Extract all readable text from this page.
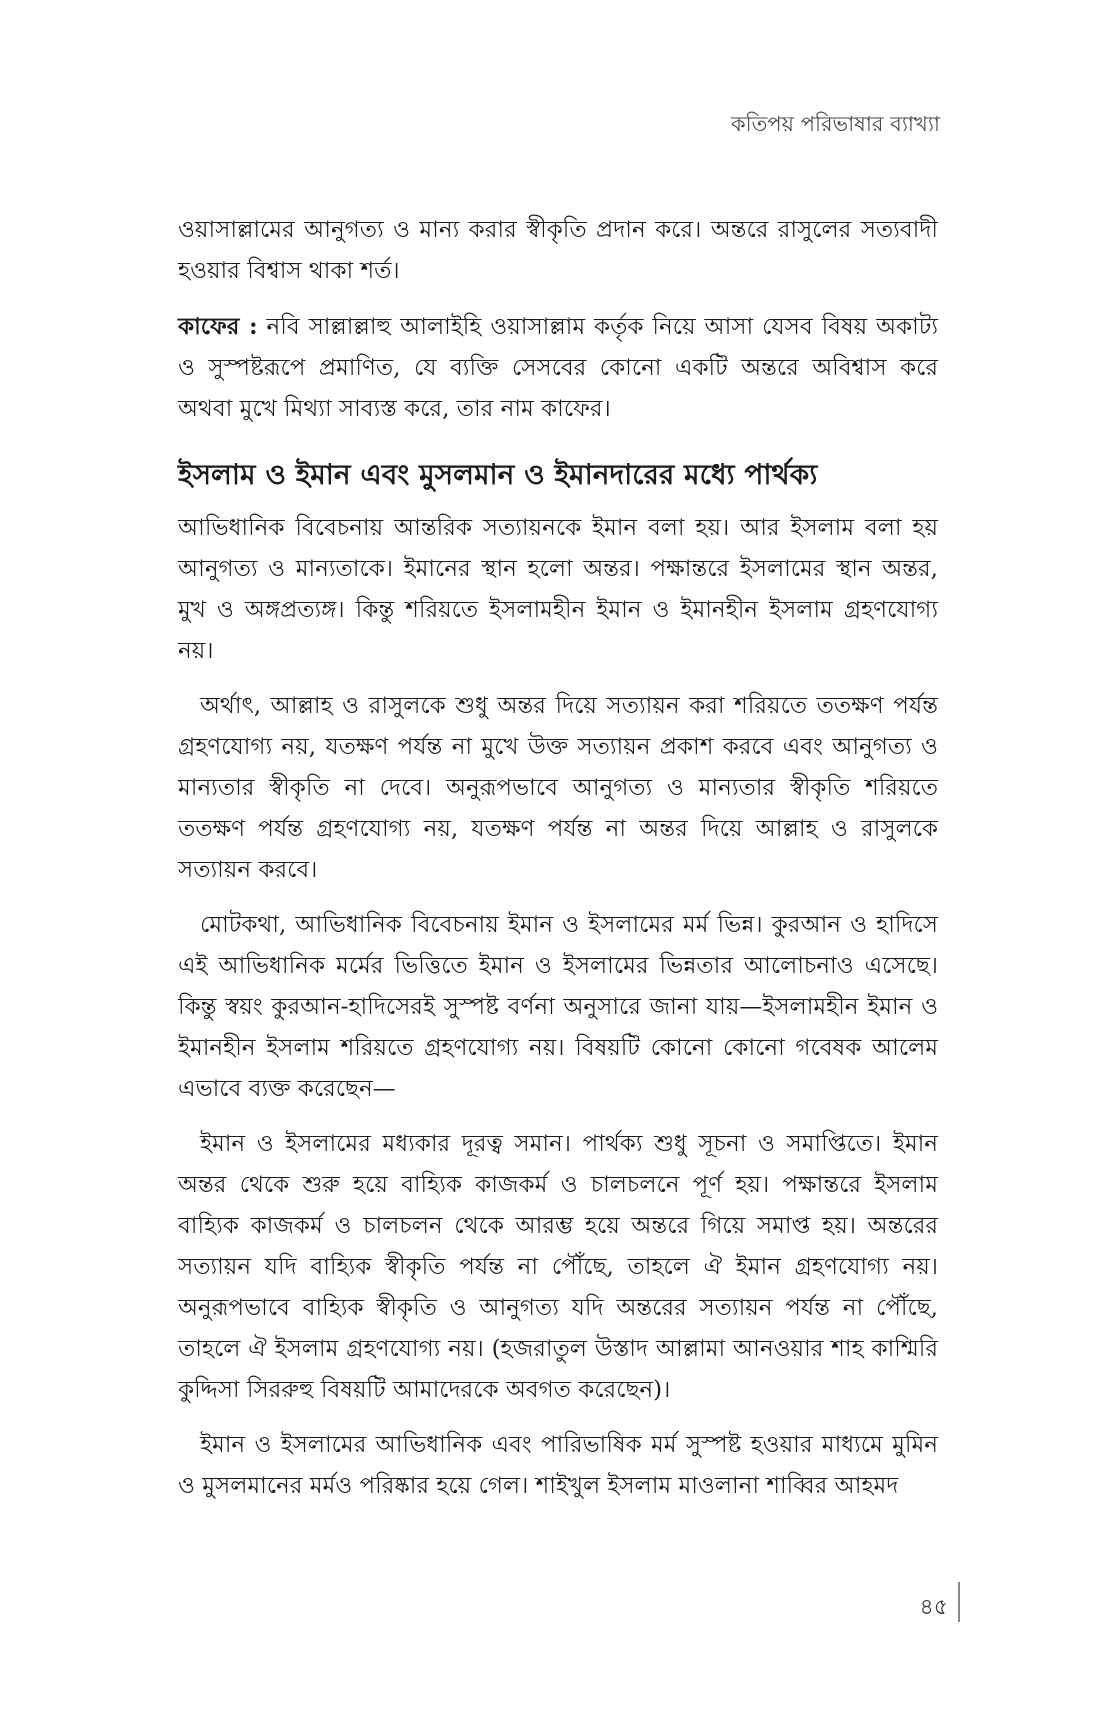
কতিপয় পরিভাষার ব্যাখ্যা

ওয়াসাল্লামের আনুগত্য ও মান্য করার স্বীকৃতি প্রদান করে। অন্তরে রাসুলের সত্যবাদী হওয়ার বিশ্বাস থাকা শর্ত।

কাফের : নবি সাল্লাল্লাহু আলাইহি ওয়াসাল্লাম কর্তৃক নিয়ে আসা যেসব বিষয় অকাট্য ও সুস্পষ্টরূপে প্রমাণিত, যে ব্যক্তি সেসবের কোনো একটি অন্তরে অবিশ্বাস করে অথবা মুখে মিথ্যা সাব্যস্ত করে, তার নাম কাফের।

ইসলাম ও ইমান এবং মুসলমান ও ইমানদারের মধ্যে পার্থক্য

আভিধানিক বিবেচনায় আন্তরিক সত্যায়নকে ইমান বলা হয়। আর ইসলাম বলা হয় আনুগত্য ও মান্যতাকে। ইমানের স্থান হলো অন্তর। পক্ষান্তরে ইসলামের স্থান অন্তর, মুখ ও অঙ্গপ্রত্যঙ্গ। কিন্তু শরিয়তে ইসলামহীন ইমান ও ইমানহীন ইসলাম গ্রহণযোগ্য নয়।

অর্থাৎ, আল্লাহ ও রাসুলকে শুধু অন্তর দিয়ে সত্যায়ন করা শরিয়তে ততক্ষণ পর্যন্ত গ্রহণযোগ্য নয়, যতক্ষণ পর্যন্ত না মুখে উক্ত সত্যায়ন প্রকাশ করবে এবং আনুগত্য ও মান্যতার স্বীকৃতি না দেবে। অনুরূপভাবে আনুগত্য ও মান্যতার স্বীকৃতি শরিয়তে ততক্ষণ পর্যন্ত গ্রহণযোগ্য নয়, যতক্ষণ পর্যন্ত না অন্তর দিয়ে আল্লাহ ও রাসুলকে সত্যায়ন করবে।

মোটকথা, আভিধানিক বিবেচনায় ইমান ও ইসলামের মর্ম ভিন্ন। কুরআন ও হাদিসে এই আভিধানিক মর্মের ভিত্তিতে ইমান ও ইসলামের ভিন্নতার আলোচনাও এসেছে। কিন্তু স্বয়ং কুরআন-হাদিসেরই সুস্পষ্ট বর্ণনা অনুসারে জানা যায়—ইসলামহীন ইমান ও ইমানহীন ইসলাম শরিয়তে গ্রহণযোগ্য নয়। বিষয়টি কোনো কোনো গবেষক আলেম এভাবে ব্যক্ত করেছেন—

ইমান ও ইসলামের মধ্যকার দূরত্ব সমান। পার্থক্য শুধু সূচনা ও সমাপ্তিতে। ইমান অন্তর থেকে শুরু হয়ে বাহ্যিক কাজকর্ম ও চালচলনে পূর্ণ হয়। পক্ষান্তরে ইসলাম বাহ্যিক কাজকর্ম ও চালচলন থেকে আরম্ভ হয়ে অন্তরে গিয়ে সমাপ্ত হয়। অন্তরের সত্যায়ন যদি বাহ্যিক স্বীকৃতি পর্যন্ত না পৌঁছে, তাহলে ঐ ইমান গ্রহণযোগ্য নয়। অনুরূপভাবে বাহ্যিক স্বীকৃতি ও আনুগত্য যদি অন্তরের সত্যায়ন পর্যন্ত না পৌঁছে, তাহলে ঐ ইসলাম গ্রহণযোগ্য নয়। (হজরাতুল উস্তাদ আল্লামা আনওয়ার শাহ কাশ্মিরি কুদ্দিসা সিররুহু বিষয়টি আমাদেরকে অবগত করেছেন)।

ইমান ও ইসলামের আভিধানিক এবং পারিভাষিক মর্ম সুস্পষ্ট হওয়ার মাধ্যমে মুমিন ও মুসলমানের মর্মও পরিষ্কার হয়ে গেল। শাইখুল ইসলাম মাওলানা শাব্বির আহমদ

৪৫
